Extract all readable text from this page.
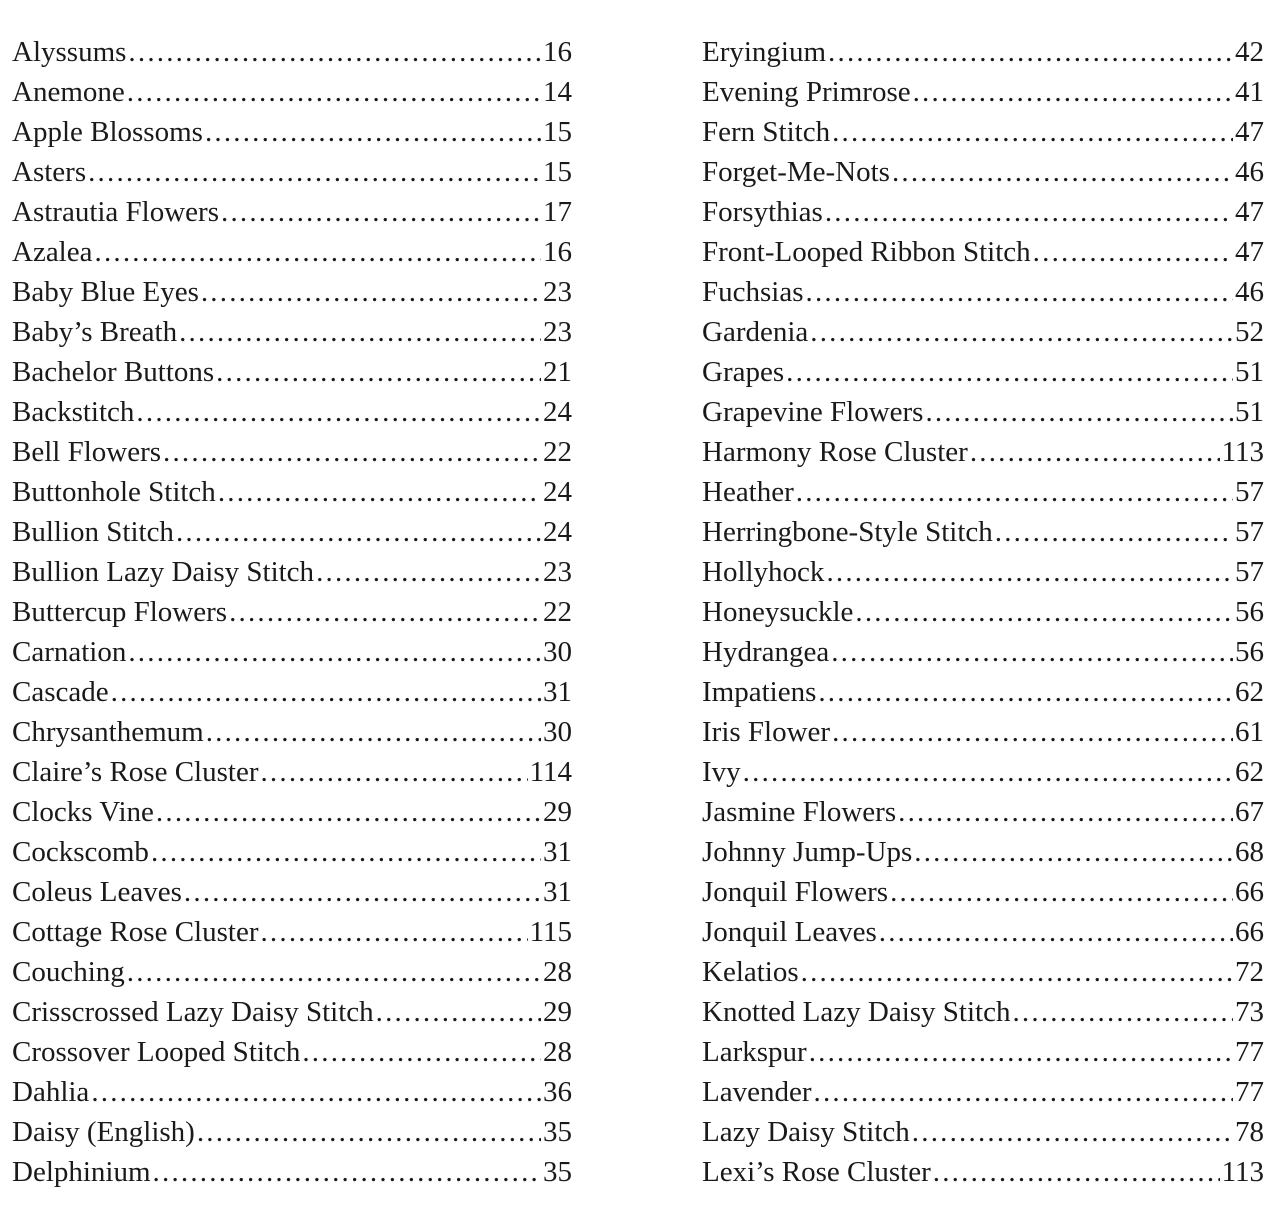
Alyssums .....	16
Anemone .....	14
Apple Blossoms .....	15
Asters .....	15
Astrautia Flowers .....	17
Azalea .....	16
Baby Blue Eyes .....	23
Baby’s Breath .....	23
Bachelor Buttons .....	21
Backstitch .....	24
Bell Flowers .....	22
Buttonhole Stitch .....	24
Bullion Stitch .....	24
Bullion Lazy Daisy Stitch .....	23
Buttercup Flowers .....	22
Carnation .....	30
Cascade .....	31
Chrysanthemum .....	30
Claire’s Rose Cluster .....	114
Clocks Vine .....	29
Cockscomb .....	31
Coleus Leaves .....	31
Cottage Rose Cluster .....	115
Couching .....	28
Crisscrossed Lazy Daisy Stitch .....	29
Crossover Looped Stitch .....	28
Dahlia .....	36
Daisy (English) .....	35
Delphinium .....	35
Eryingium .....	42
Evening Primrose .....	41
Fern Stitch .....	47
Forget-Me-Nots .....	46
Forsythias .....	47
Front-Looped Ribbon Stitch .....	47
Fuchsias .....	46
Gardenia .....	52
Grapes .....	51
Grapevine Flowers .....	51
Harmony Rose Cluster .....	113
Heather .....	57
Herringbone-Style Stitch .....	57
Hollyhock .....	57
Honeysuckle .....	56
Hydrangea .....	56
Impatiens .....	62
Iris Flower .....	61
Ivy .....	62
Jasmine Flowers .....	67
Johnny Jump-Ups .....	68
Jonquil Flowers .....	66
Jonquil Leaves .....	66
Kelatios .....	72
Knotted Lazy Daisy Stitch .....	73
Larkspur .....	77
Lavender .....	77
Lazy Daisy Stitch .....	78
Lexi’s Rose Cluster .....	113
